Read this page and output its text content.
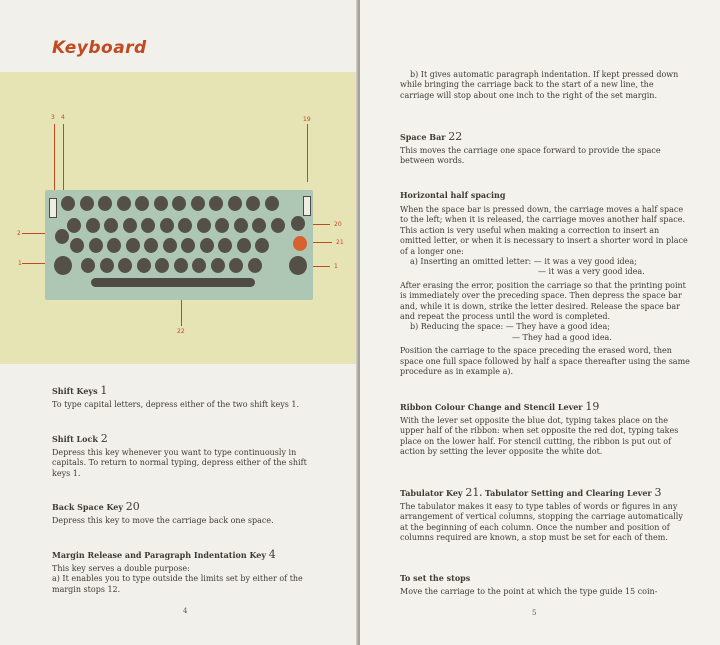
Keyboard
3 4	19
20
21
2
1	1
22
Shift Keys 1
To type capital letters, depress either of the two shift keys 1.
Shift Lock 2
Depress this key whenever you want to type continuously in capitals. To return to normal typing, depress either of the shift keys 1.
Back Space Key 20
Depress this key to move the carriage back one space.
Margin Release and Paragraph Indentation Key 4

This key serves a double purpose:

a) It enables you to type outside the limits set by either of the margin stops 12.

4
b) It gives automatic paragraph indentation. If kept pressed down while bringing the carriage back to the start of a new line, the carriage will stop about one inch to the right of the set margin.
Space Bar 22
This moves the carriage one space forward to provide the space between words.
Horizontal half spacing

When the space bar is pressed down, the carriage moves a half space to the left; when it is released, the carriage moves another half space. This action is very useful when making a correction to insert an omitted letter, or when it is necessary to insert a shorter word in place of a longer one:

a) Inserting an omitted letter: — it was a vey good idea;

— it was a very good idea.

After erasing the error, position the carriage so that the printing point is immediately over the preceding space. Then depress the space bar and, while it is down, strike the letter desired. Release the space bar and repeat the process until the word is completed.

b) Reducing the space: — They have a good idea;

— They had a good idea.

Position the carriage to the space preceding the erased word, then space one full space followed by half a space thereafter using the same procedure as in example a).

Ribbon Colour Change and Stencil Lever 19
With the lever set opposite the blue dot, typing takes place on the upper half of the ribbon: when set opposite the red dot, typing takes place on the lower half. For stencil cutting, the ribbon is put out of action by setting the lever opposite the white dot.
Tabulator Key 21. Tabulator Setting and Clearing Lever 3
The tabulator makes it easy to type tables of words or figures in any arrangement of vertical columns, stopping the carriage automatically at the beginning of each column. Once the number and position of columns required are known, a stop must be set for each of them.
To set the stops
Move the carriage to the point at which the type guide 15 coin-
5
